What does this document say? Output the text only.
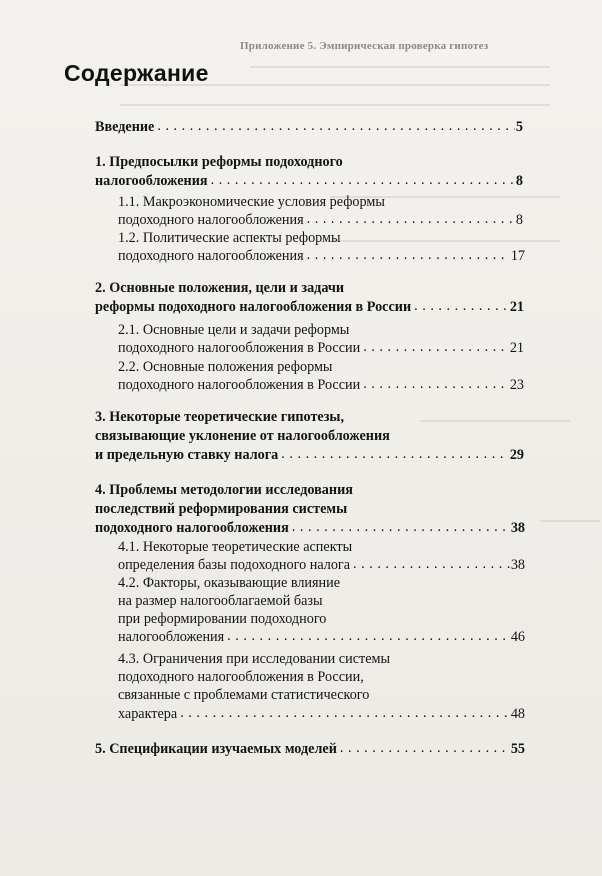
Приложение 5. Эмпирическая проверка гипотез
Содержание
Введение . . .	5
1. Предпосылки реформы подоходного
налогообложения . . .	8
1.1. Макроэкономические условия реформы
подоходного налогообложения . . .	8
1.2. Политические аспекты реформы
подоходного налогообложения . . .	17
2. Основные положения, цели и задачи
реформы подоходного налогообложения в России . . .	21
2.1. Основные цели и задачи реформы
подоходного налогообложения в России . . .	21
2.2. Основные положения реформы
подоходного налогообложения в России . . .	23
3. Некоторые теоретические гипотезы,
связывающие уклонение от налогообложения
и предельную ставку налога . . .	29
4. Проблемы методологии исследования
последствий реформирования системы
подоходного налогообложения . . .	38
4.1. Некоторые теоретические аспекты
определения базы подоходного налога . . .	38
4.2. Факторы, оказывающие влияние
на размер налогооблагаемой базы
при реформировании подоходного
налогообложения . . .	46
4.3. Ограничения при исследовании системы
подоходного налогообложения в России,
связанные с проблемами статистического
характера . . .	48
5. Спецификации изучаемых моделей . . .	55
